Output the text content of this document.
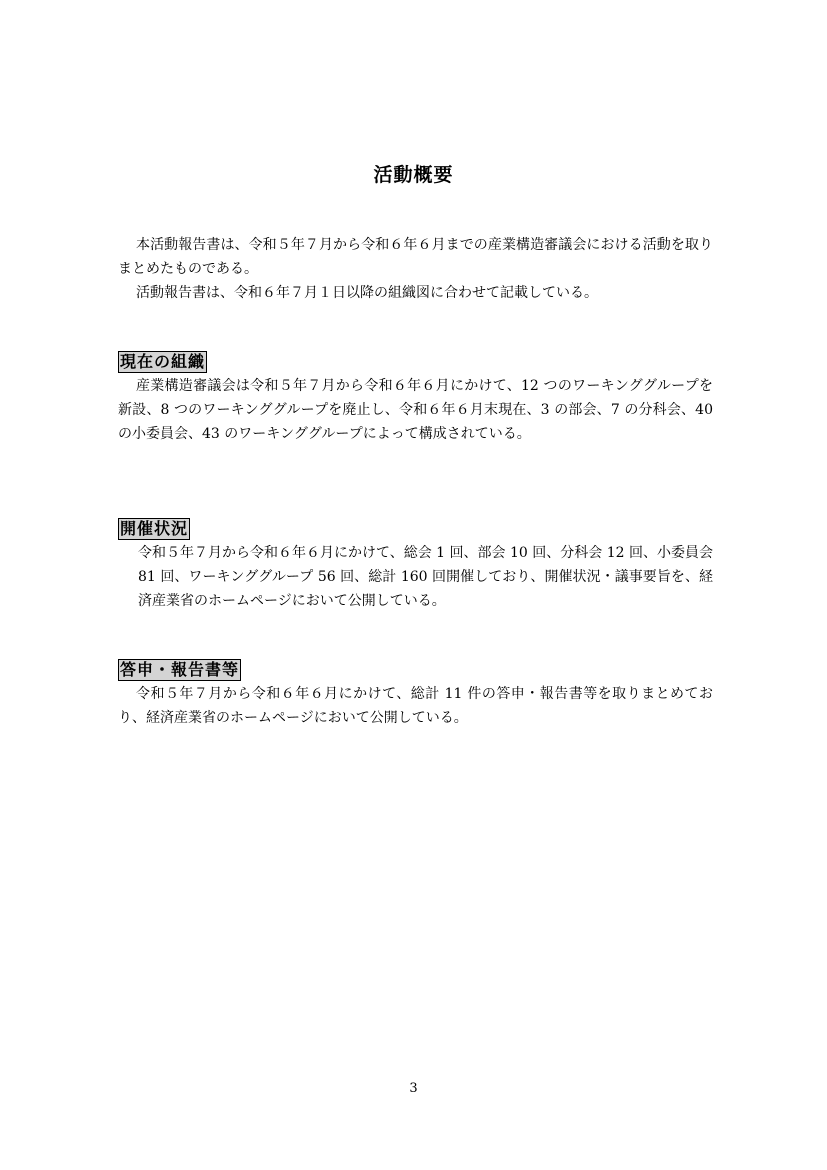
活動概要

本活動報告書は、令和５年７月から令和６年６月までの産業構造審議会における活動を取りまとめたものである。

活動報告書は、令和６年７月１日以降の組織図に合わせて記載している。

現在の組織

産業構造審議会は令和５年７月から令和６年６月にかけて、12 つのワーキンググループを新設、8 つのワーキンググループを廃止し、令和６年６月末現在、3 の部会、7 の分科会、40 の小委員会、43 のワーキンググループによって構成されている。

開催状況

令和５年７月から令和６年６月にかけて、総会 1 回、部会 10 回、分科会 12 回、小委員会 81 回、ワーキンググループ 56 回、総計 160 回開催しており、開催状況・議事要旨を、経済産業省のホームページにおいて公開している。

答申・報告書等

令和５年７月から令和６年６月にかけて、総計 11 件の答申・報告書等を取りまとめており、経済産業省のホームページにおいて公開している。

3
